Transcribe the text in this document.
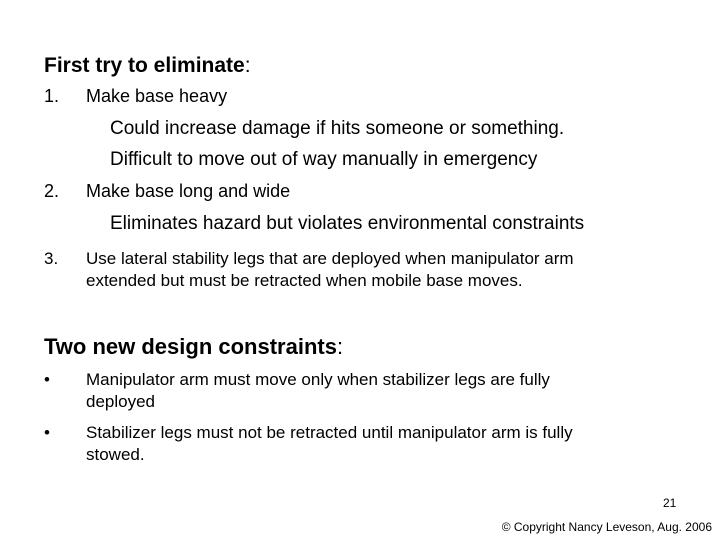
First try to eliminate:
1. Make base heavy
Could increase damage if hits someone or something.
Difficult to move out of way manually in emergency
2. Make base long and wide
Eliminates hazard but violates environmental constraints
3. Use lateral stability legs that are deployed when manipulator arm
extended but must be retracted when mobile base moves.
Two new design constraints:
• Manipulator arm must move only when stabilizer legs are fully
deployed
• Stabilizer legs must not be retracted until manipulator arm is fully
stowed.
21
© Copyright Nancy Leveson, Aug. 2006
